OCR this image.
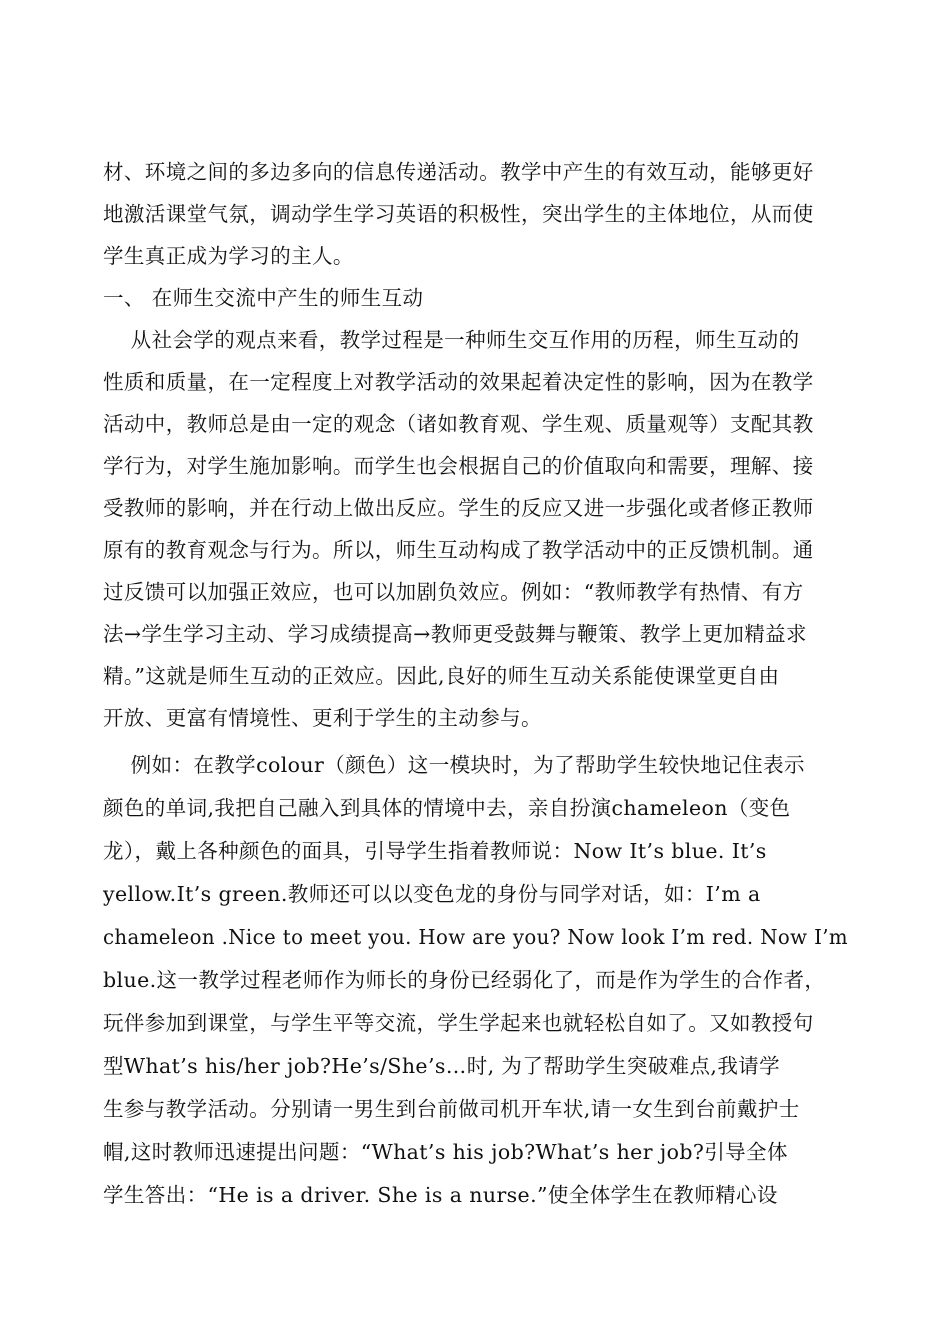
材、环境之间的多边多向的信息传递活动。教学中产生的有效互动，能够更好
地激活课堂气氛，调动学生学习英语的积极性，突出学生的主体地位，从而使
学生真正成为学习的主人。
一、 在师生交流中产生的师生互动
从社会学的观点来看，教学过程是一种师生交互作用的历程，师生互动的
性质和质量，在一定程度上对教学活动的效果起着决定性的影响，因为在教学
活动中，教师总是由一定的观念（诸如教育观、学生观、质量观等）支配其教
学行为，对学生施加影响。而学生也会根据自己的价值取向和需要，理解、接
受教师的影响，并在行动上做出反应。学生的反应又进一步强化或者修正教师
原有的教育观念与行为。所以，师生互动构成了教学活动中的正反馈机制。通
过反馈可以加强正效应，也可以加剧负效应。例如：“教师教学有热情、有方
法→学生学习主动、学习成绩提高→教师更受鼓舞与鞭策、教学上更加精益求
精。”这就是师生互动的正效应。因此,良好的师生互动关系能使课堂更自由
开放、更富有情境性、更利于学生的主动参与。
例如：在教学colour（颜色）这一模块时，为了帮助学生较快地记住表示
颜色的单词,我把自己融入到具体的情境中去，亲自扮演chameleon（变色
龙），戴上各种颜色的面具，引导学生指着教师说：Now It’s blue. It’s
yellow.It’s green.教师还可以以变色龙的身份与同学对话，如：I’m a
chameleon .Nice to meet you. How are you? Now look I’m red. Now I’m
blue.这一教学过程老师作为师长的身份已经弱化了，而是作为学生的合作者，
玩伴参加到课堂，与学生平等交流，学生学起来也就轻松自如了。又如教授句
型What’s his/her job?He’s/She’s…时, 为了帮助学生突破难点,我请学
生参与教学活动。分别请一男生到台前做司机开车状,请一女生到台前戴护士
帽,这时教师迅速提出问题：“What’s his job?What’s her job?引导全体
学生答出：“He is a driver. She is a nurse.”使全体学生在教师精心设
